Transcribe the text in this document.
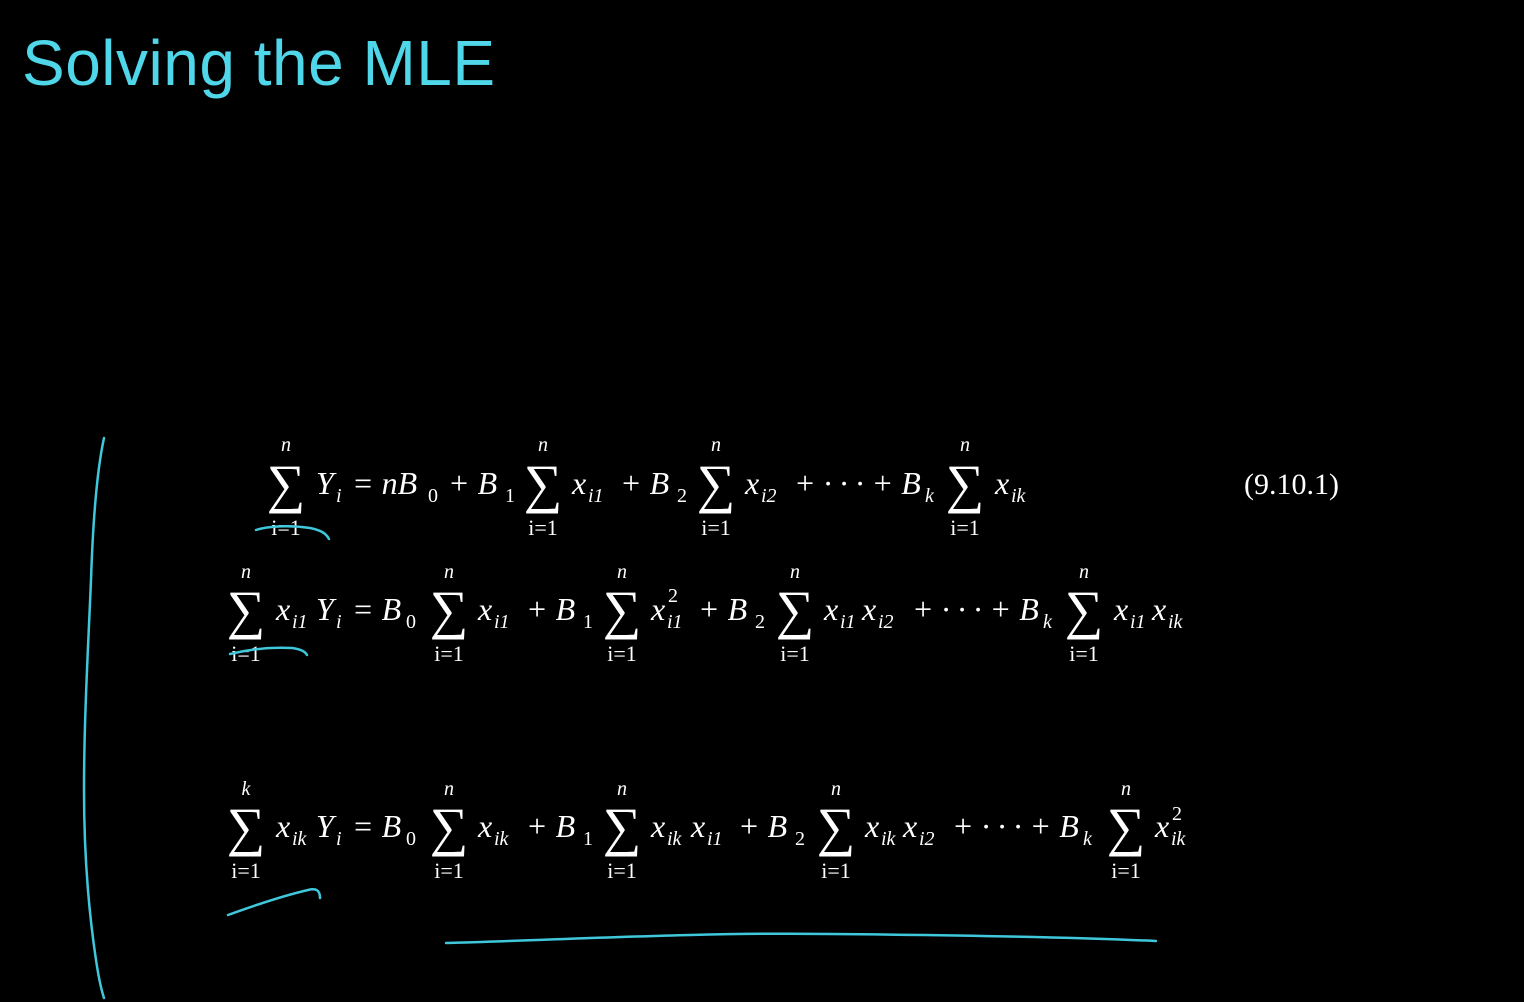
Solving the MLE
n
∑
i=1
Y i = nB 0 + B 1
n
∑
i=1
x i1 + B 2
n
∑
i=1
x i2 + · · · + B k
n
∑
i=1
x ik	(9.10.1)
n
∑
i=1
x i1 Y i = B 0
n
∑
i=1
x i1 + B 1
n
∑
i=1
x 2
i1 + B 2
n
∑
i=1
x i1 x i2 + · · · + B k
n
∑
i=1
x i1 x ik
k
∑
i=1
x ik Y i = B 0
n
∑
i=1
x ik + B 1
n
∑
i=1
x ik x i1 + B 2
n
∑
i=1
x ik x i2 + · · · + B k
n
∑
i=1
x 2
ik
